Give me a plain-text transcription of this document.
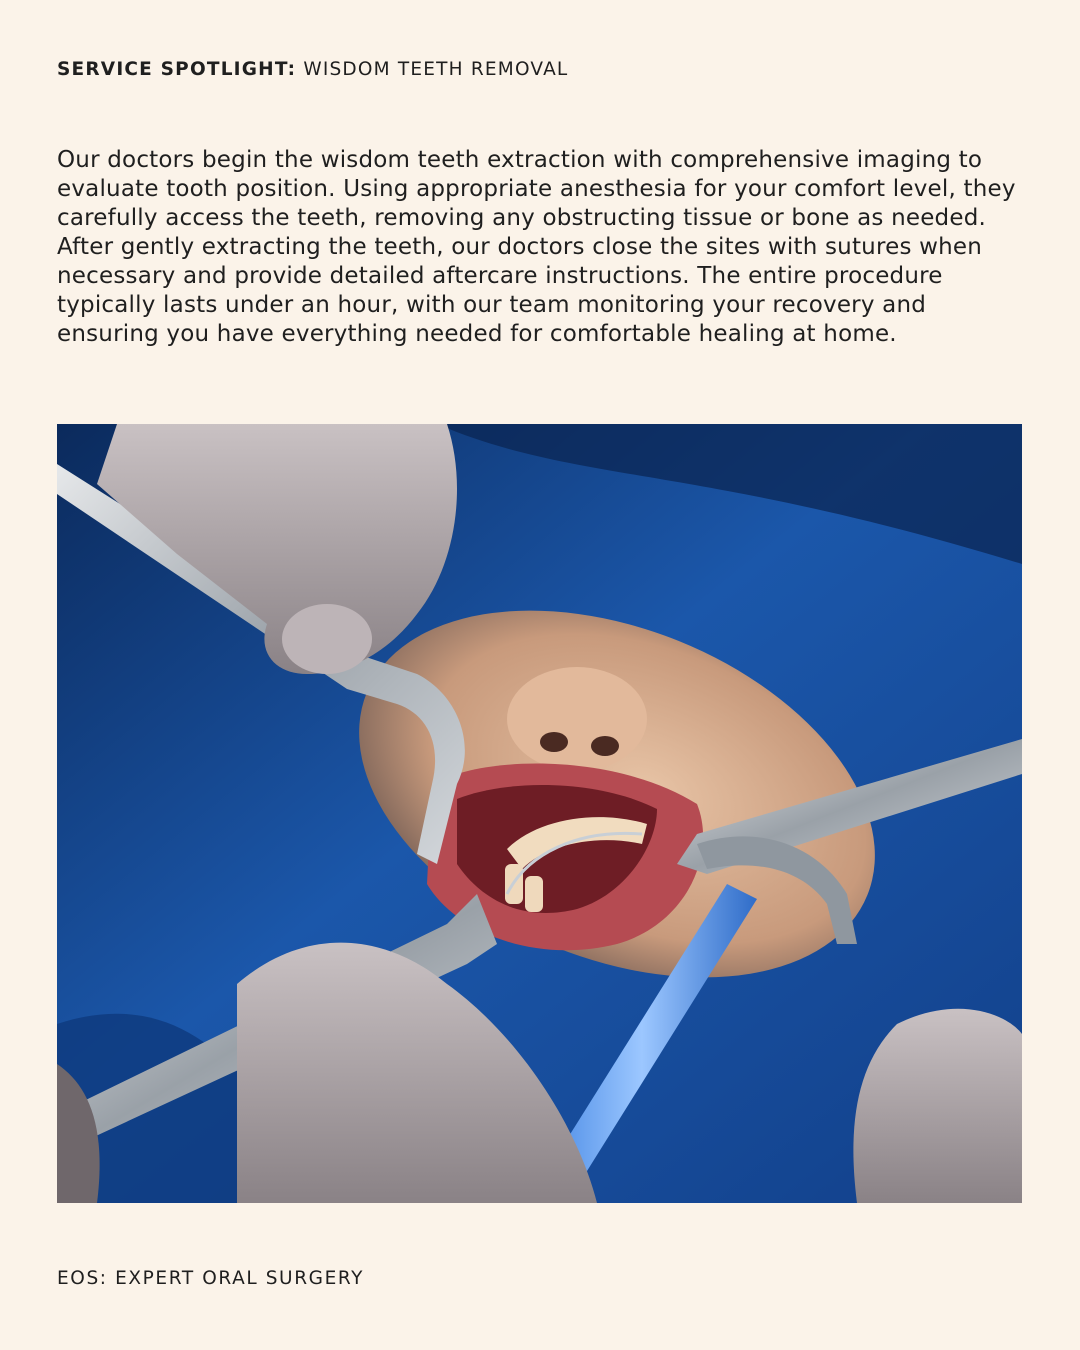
SERVICE SPOTLIGHT: WISDOM TEETH REMOVAL
Our doctors begin the wisdom teeth extraction with comprehensive imaging to evaluate tooth position. Using appropriate anesthesia for your comfort level, they carefully access the teeth, removing any obstructing tissue or bone as needed. After gently extracting the teeth, our doctors close the sites with sutures when necessary and provide detailed aftercare instructions. The entire procedure typically lasts under an hour, with our team monitoring your recovery and ensuring you have everything needed for comfortable healing at home.
EOS: EXPERT ORAL SURGERY
